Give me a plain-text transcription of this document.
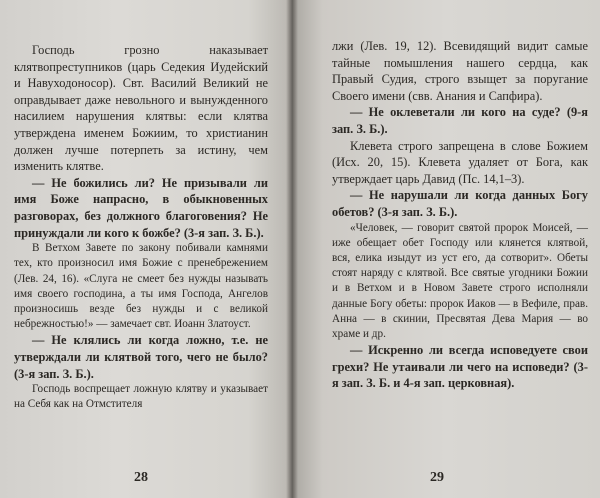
Господь грозно наказывает клятвопреступников (царь Седекия Иудейский и Навуходоносор). Свт. Василий Великий не оправдывает даже невольного и вынужденного насилием нарушения клятвы: если клятва утверждена именем Божиим, то христианин должен лучше потерпеть за истину, чем изменить клятве.

— Не божились ли? Не призывали ли имя Боже напрасно, в обыкновенных разговорах, без должного благоговения? Не принуждали ли кого к божбе? (3-я зап. З. Б.).

В Ветхом Завете по закону побивали камнями тех, кто произносил имя Божие с пренебрежением (Лев. 24, 16). «Слуга не смеет без нужды называть имя своего господина, а ты имя Господа, Ангелов произносишь везде без нужды и с великой небрежностью!» — замечает свт. Иоанн Златоуст.

— Не клялись ли когда ложно, т.е. не утверждали ли клятвой того, чего не было? (3-я зап. З. Б.).

Господь воспрещает ложную клятву и указывает на Себя как на Отмстителя

28

лжи (Лев. 19, 12). Всевидящий видит самые тайные помышления нашего сердца, как Правый Судия, строго взыщет за поругание Своего имени (свв. Анания и Сапфира).

— Не оклеветали ли кого на суде? (9-я зап. З. Б.).

Клевета строго запрещена в слове Божием (Исх. 20, 15). Клевета удаляет от Бога, как утверждает царь Давид (Пс. 14,1–3).

— Не нарушали ли когда данных Богу обетов? (3-я зап. З. Б.).

«Человек, — говорит святой пророк Моисей, — иже обещает обет Господу или клянется клятвой, вся, елика изыдут из уст его, да сотворит». Обеты стоят наряду с клятвой. Все святые угодники Божии и в Ветхом и в Новом Завете строго исполняли данные Богу обеты: пророк Иаков — в Вефиле, прав. Анна — в скинии, Пресвятая Дева Мария — во храме и др.

— Искренно ли всегда исповедуете свои грехи? Не утаивали ли чего на исповеди? (3-я зап. З. Б. и 4-я зап. церковная).

29
